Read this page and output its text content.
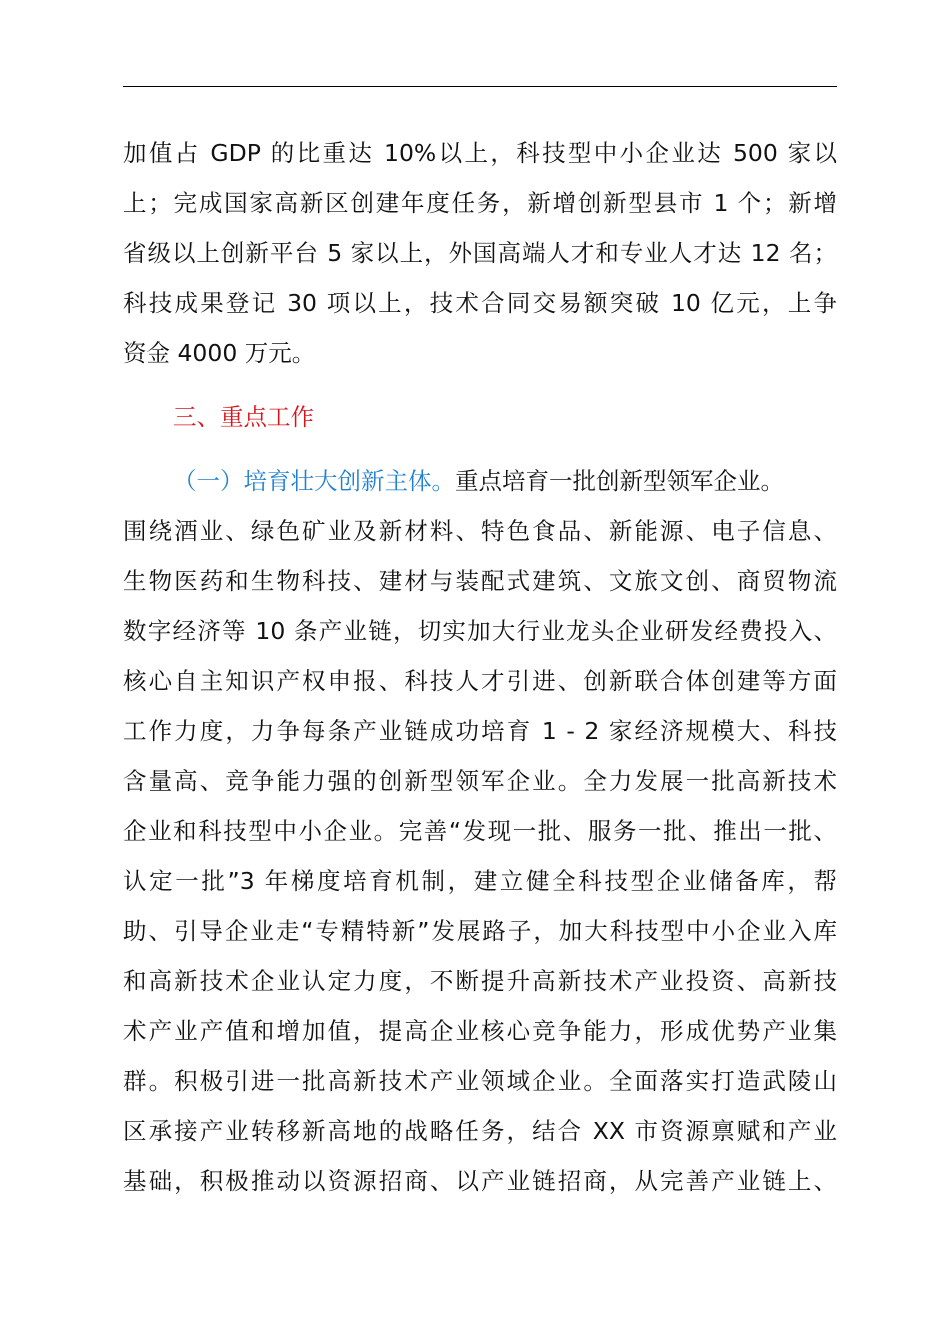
加值占 GDP 的比重达 10%以上，科技型中小企业达 500 家以
上；完成国家高新区创建年度任务，新增创新型县市 1 个；新增
省级以上创新平台 5 家以上，外国高端人才和专业人才达 12 名；
科技成果登记 30 项以上，技术合同交易额突破 10 亿元，上争
资金 4000 万元。
三、重点工作
（一）培育壮大创新主体。重点培育一批创新型领军企业。
围绕酒业、绿色矿业及新材料、特色食品、新能源、电子信息、
生物医药和生物科技、建材与装配式建筑、文旅文创、商贸物流
数字经济等 10 条产业链，切实加大行业龙头企业研发经费投入、
核心自主知识产权申报、科技人才引进、创新联合体创建等方面
工作力度，力争每条产业链成功培育 1 - 2 家经济规模大、科技
含量高、竞争能力强的创新型领军企业。全力发展一批高新技术
企业和科技型中小企业。完善“发现一批、服务一批、推出一批、
认定一批”3 年梯度培育机制，建立健全科技型企业储备库，帮
助、引导企业走“专精特新”发展路子，加大科技型中小企业入库
和高新技术企业认定力度，不断提升高新技术产业投资、高新技
术产业产值和增加值，提高企业核心竞争能力，形成优势产业集
群。积极引进一批高新技术产业领域企业。全面落实打造武陵山
区承接产业转移新高地的战略任务，结合 XX 市资源禀赋和产业
基础，积极推动以资源招商、以产业链招商，从完善产业链上、
